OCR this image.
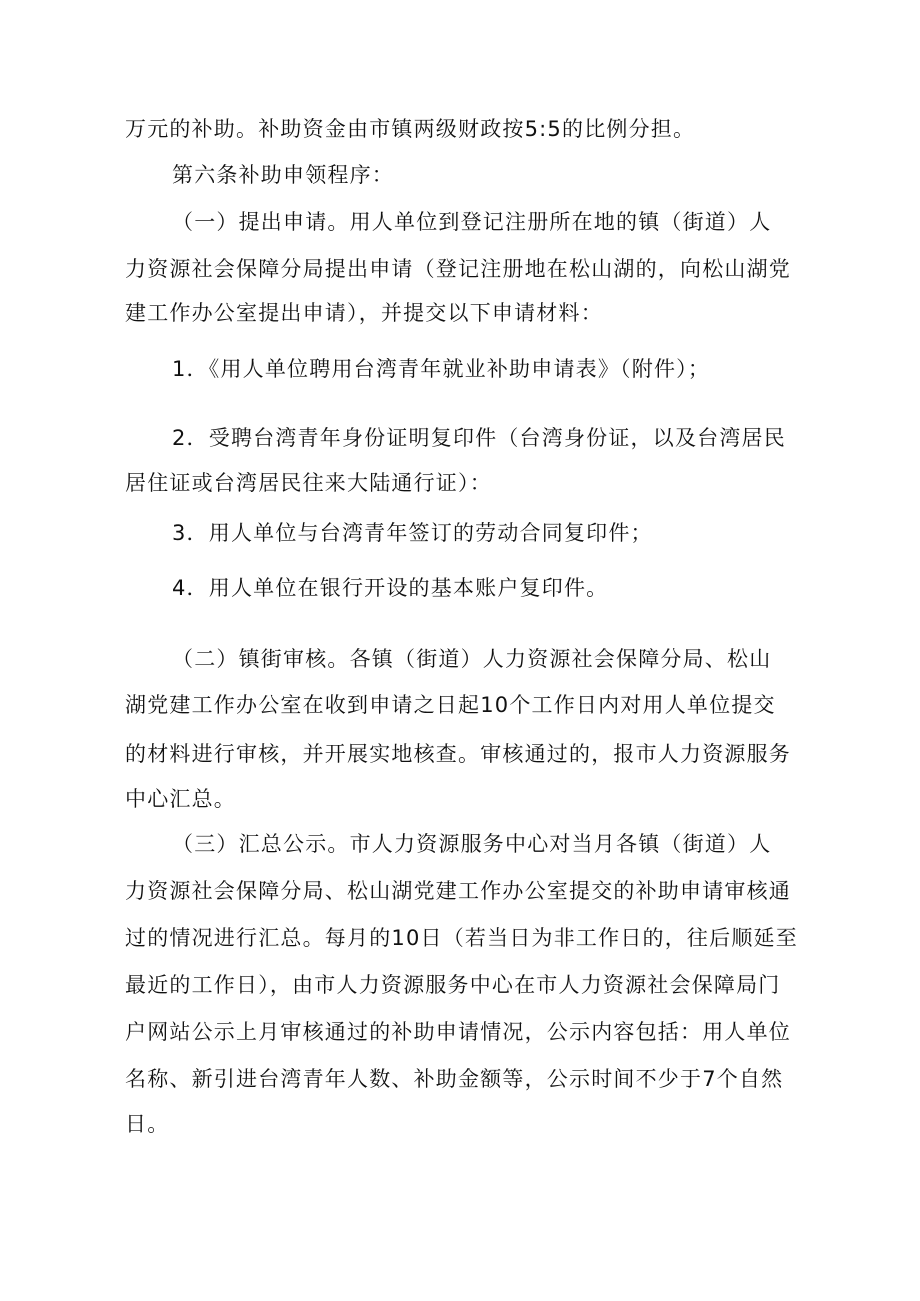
万元的补助。补助资金由市镇两级财政按5:5的比例分担。
第六条补助申领程序：
（一）提出申请。用人单位到登记注册所在地的镇（街道）人
力资源社会保障分局提出申请（登记注册地在松山湖的，向松山湖党
建工作办公室提出申请），并提交以下申请材料：
1．《用人单位聘用台湾青年就业补助申请表》（附件）；
2．受聘台湾青年身份证明复印件（台湾身份证，以及台湾居民
居住证或台湾居民往来大陆通行证）：
3．用人单位与台湾青年签订的劳动合同复印件；
4．用人单位在银行开设的基本账户复印件。
（二）镇街审核。各镇（街道）人力资源社会保障分局、松山
湖党建工作办公室在收到申请之日起10个工作日内对用人单位提交
的材料进行审核，并开展实地核查。审核通过的，报市人力资源服务
中心汇总。
（三）汇总公示。市人力资源服务中心对当月各镇（街道）人
力资源社会保障分局、松山湖党建工作办公室提交的补助申请审核通
过的情况进行汇总。每月的10日（若当日为非工作日的，往后顺延至
最近的工作日），由市人力资源服务中心在市人力资源社会保障局门
户网站公示上月审核通过的补助申请情况，公示内容包括：用人单位
名称、新引进台湾青年人数、补助金额等，公示时间不少于7个自然
日。
